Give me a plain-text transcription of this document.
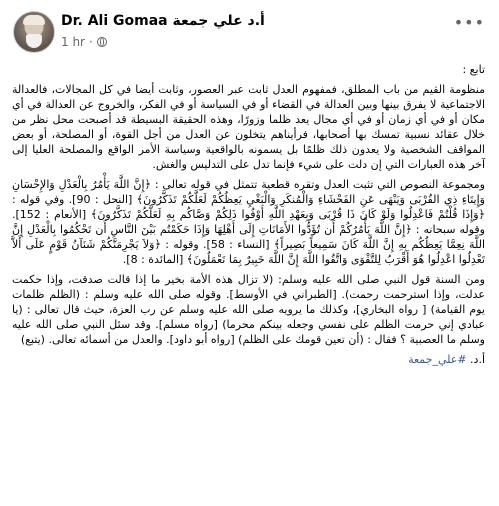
Dr. Ali Gomaa أ.د علي جمعة
1 hr ·
•••

تابع :

منظومة القيم من باب المطلق، فمفهوم العدل ثابت عبر العصور، وثابت أيضا في كل المجالات، فالعدالة الاجتماعية لا يفرق بينها وبين العدالة في القضاء أو في السياسة أو في الفكر، والخروج عن العدالة في أي مكان أو في أي زمان أو في أي مجال يعد ظلما وزورًا، وهذه الحقيقة البسيطة قد أصبحت محل نظر من خلال عقائد نسبية تمسك بها أصحابها، فرأيناهم يتخلون عن العدل من أجل القوة، أو المصلحة، أو بعض المواقف الشخصية ولا يعدون ذلك ظلمًا بل يسمونه بالواقعية وسياسة الأمر الواقع والمصلحة العليا إلى آخر هذه العبارات التي إن دلت على شيء فإنما تدل على التدليس والغش.

ومجموعة النصوص التي تثبت العدل وتقره قطعية تتمثل في قوله تعالى : ﴿إِنَّ اللَّهَ يَأْمُرُ بِالْعَدْلِ وَالإِحْسَانِ وَإِيتَاءِ ذِي القُرْبَى وَيَنْهَى عَنِ الفَحْشَاءِ وَالْمُنكَرِ وَالْبَغْيِ يَعِظُكُمْ لَعَلَّكُمْ تَذَكَّرُونَ﴾ [النحل : 90]. وفي قوله : ﴿وَإِذَا قُلْتُمْ فَاعْدِلُوا وَلَوْ كَانَ ذَا قُرْبَى وَبِعَهْدِ اللَّهِ أَوْفُوا ذَلِكُمْ وَصَّاكُم بِهِ لَعَلَّكُمْ تَذَكَّرُونَ﴾ [الأنعام : 152]. وقوله سبحانه : ﴿إِنَّ اللَّهَ يَأْمُرُكُمْ أَن تُؤَدُّوا الأَمَانَاتِ إِلَى أَهْلِهَا وَإِذَا حَكَمْتُم بَيْنَ النَّاسِ أَن تَحْكُمُوا بِالْعَدْلِ إِنَّ اللَّهَ نِعِمَّا يَعِظُكُم بِهِ إِنَّ اللَّهَ كَانَ سَمِيعاً بَصِيراً﴾ [النساء : 58]. وقوله : ﴿وَلاَ يَجْرِمَنَّكُمْ شَنَآنُ قَوْمٍ عَلَى أَلاَّ تَعْدِلُوا اعْدِلُوا هُوَ أَقْرَبُ لِلتَّقْوَى وَاتَّقُوا اللَّهَ إِنَّ اللَّهَ خَبِيرٌ بِمَا تَعْمَلُونَ﴾ [المائدة : 8].

ومن السنة قول النبي صلى الله عليه وسلم: (لا تزال هذه الأمة بخير ما إذا قالت صدقت، وإذا حكمت عدلت، وإذا استرحمت رحمت). [الطبراني في الأوسط]. وقوله صلى الله عليه وسلم : (الظلم ظلمات يوم القيامة) [ رواه البخاري]، وكذلك ما يرويه صلى الله عليه وسلم عن رب العزة، حيث قال تعالى : (يا عبادي إني حرمت الظلم على نفسي وجعله بينكم محرما) [رواه مسلم]. وقد سئل النبي صلى الله عليه وسلم ما العصبية ؟ فقال : (أن تعين قومك على الظلم) [رواه أبو داود]. والعدل من أسمائه تعالى. (يتبع)

أ.د. #علي_جمعة
